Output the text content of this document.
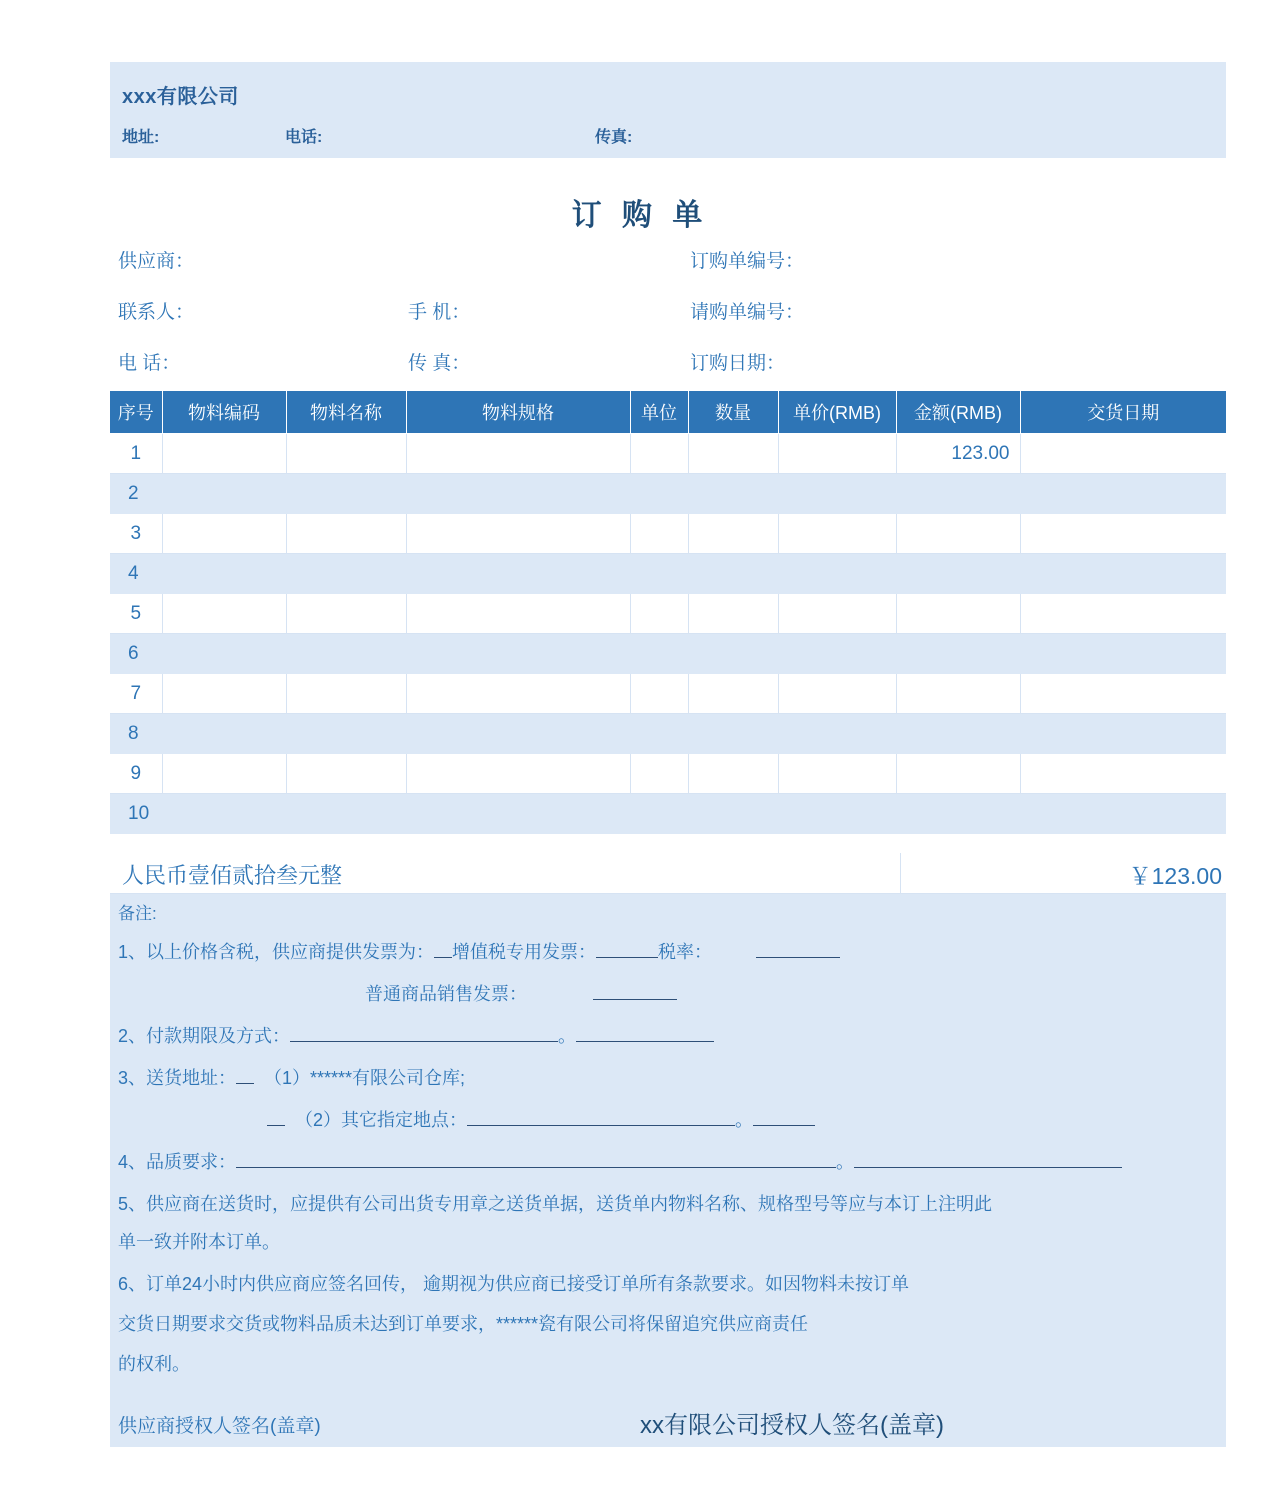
xxx有限公司
地址:	电话:	传真:
订 购 单
供应商：	订购单编号：
联系人：	手 机：	请购单编号：
电 话：	传 真：	订购日期：
序号	物料编码	物料名称	物料规格	单位	数量	单价(RMB)	金额(RMB)	交货日期
1							123.00	
2								
3								
4								
5								
6								
7								
8								
9								
10								
人民币壹佰贰拾叁元整	￥123.00
备注:
1、以上价格含税，供应商提供发票为： 增值税专用发票：	税率：
普通商品销售发票：
2、付款期限及方式：	。
3、送货地址： （1）******有限公司仓库;
（2）其它指定地点：	。
4、品质要求：	。
5、供应商在送货时，应提供有公司出货专用章之送货单据，送货单内物料名称、规格型号等应与本订上注明此
单一致并附本订单。
6、订单24小时内供应商应签名回传， 逾期视为供应商已接受订单所有条款要求。如因物料未按订单
交货日期要求交货或物料品质未达到订单要求，******瓷有限公司将保留追究供应商责任
的权利。
供应商授权人签名(盖章)	xx有限公司授权人签名(盖章)
